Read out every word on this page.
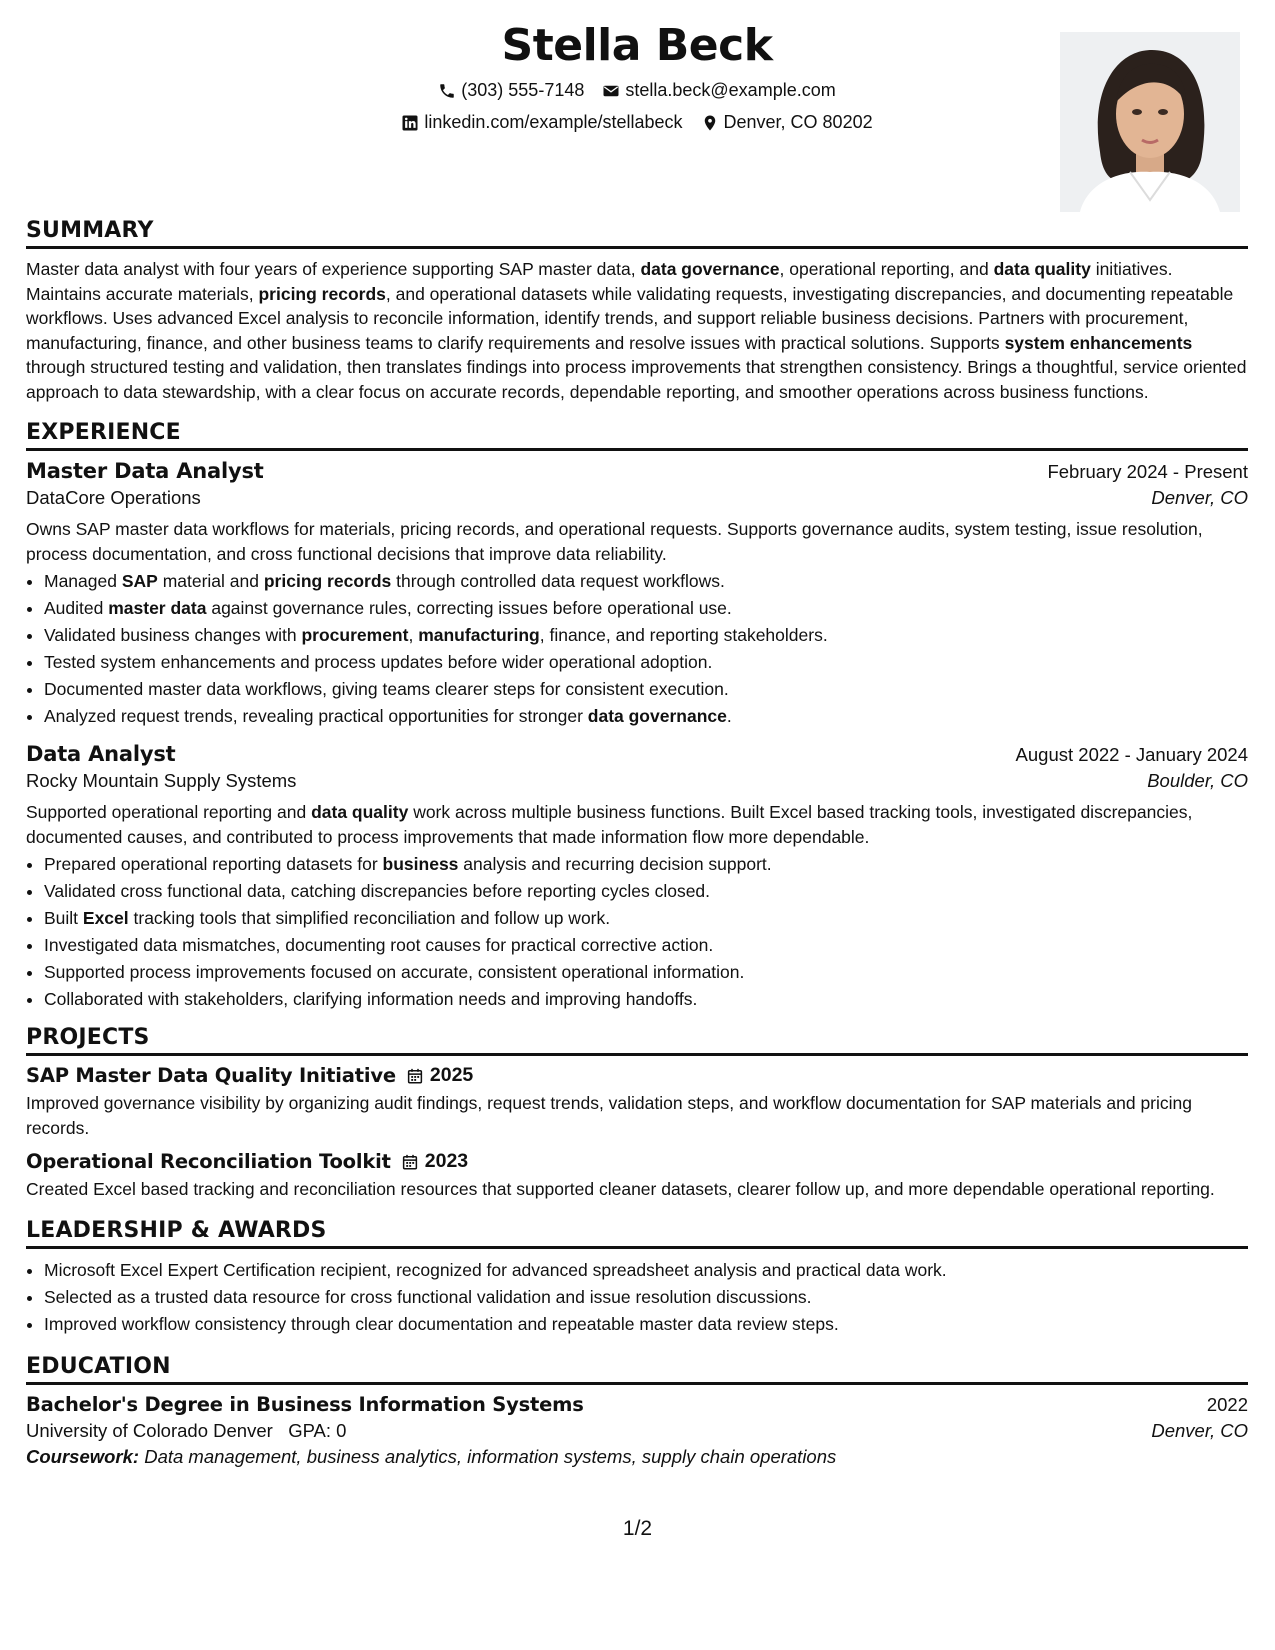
Stella Beck
(303) 555-7148 stella.beck@example.com
linkedin.com/example/stellabeck Denver, CO 80202
SUMMARY

Master data analyst with four years of experience supporting SAP master data, data governance, operational reporting, and data quality initiatives. Maintains accurate materials, pricing records, and operational datasets while validating requests, investigating discrepancies, and documenting repeatable workflows. Uses advanced Excel analysis to reconcile information, identify trends, and support reliable business decisions. Partners with procurement, manufacturing, finance, and other business teams to clarify requirements and resolve issues with practical solutions. Supports system enhancements through structured testing and validation, then translates findings into process improvements that strengthen consistency. Brings a thoughtful, service oriented approach to data stewardship, with a clear focus on accurate records, dependable reporting, and smoother operations across business functions.

EXPERIENCE
Master Data Analyst	February 2024 - Present
DataCore Operations	Denver, CO

Owns SAP master data workflows for materials, pricing records, and operational requests. Supports governance audits, system testing, issue resolution, process documentation, and cross functional decisions that improve data reliability.

• Managed SAP material and pricing records through controlled data request workflows.
• Audited master data against governance rules, correcting issues before operational use.
• Validated business changes with procurement, manufacturing, finance, and reporting stakeholders.
• Tested system enhancements and process updates before wider operational adoption.
• Documented master data workflows, giving teams clearer steps for consistent execution.
• Analyzed request trends, revealing practical opportunities for stronger data governance.
Data Analyst	August 2022 - January 2024
Rocky Mountain Supply Systems	Boulder, CO

Supported operational reporting and data quality work across multiple business functions. Built Excel based tracking tools, investigated discrepancies, documented causes, and contributed to process improvements that made information flow more dependable.

• Prepared operational reporting datasets for business analysis and recurring decision support.
• Validated cross functional data, catching discrepancies before reporting cycles closed.
• Built Excel tracking tools that simplified reconciliation and follow up work.
• Investigated data mismatches, documenting root causes for practical corrective action.
• Supported process improvements focused on accurate, consistent operational information.
• Collaborated with stakeholders, clarifying information needs and improving handoffs.
PROJECTS
SAP Master Data Quality Initiative 2025

Improved governance visibility by organizing audit findings, request trends, validation steps, and workflow documentation for SAP materials and pricing records.

Operational Reconciliation Toolkit 2023

Created Excel based tracking and reconciliation resources that supported cleaner datasets, clearer follow up, and more dependable operational reporting.

LEADERSHIP & AWARDS
• Microsoft Excel Expert Certification recipient, recognized for advanced spreadsheet analysis and practical data work.
• Selected as a trusted data resource for cross functional validation and issue resolution discussions.
• Improved workflow consistency through clear documentation and repeatable master data review steps.
EDUCATION
Bachelor's Degree in Business Information Systems	2022
University of Colorado Denver GPA: 0	Denver, CO
Coursework: Data management, business analytics, information systems, supply chain operations
1/2
